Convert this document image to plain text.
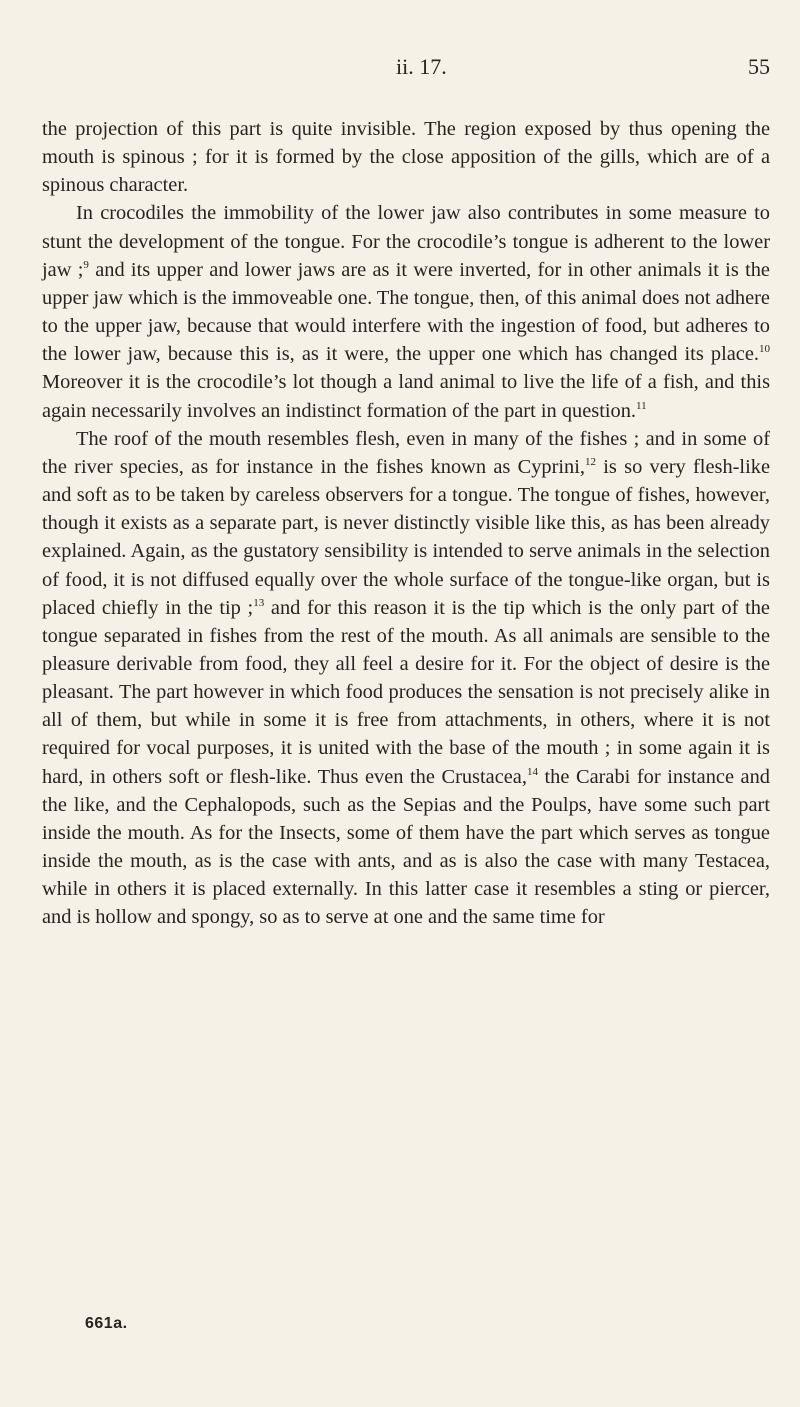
ii. 17.	55

the projection of this part is quite invisible. The region exposed by thus opening the mouth is spinous ; for it is formed by the close apposition of the gills, which are of a spinous character.

In crocodiles the immobility of the lower jaw also contributes in some measure to stunt the development of the tongue. For the crocodile’s tongue is adherent to the lower jaw ;$^9$ and its upper and lower jaws are as it were inverted, for in other animals it is the upper jaw which is the immoveable one. The tongue, then, of this animal does not adhere to the upper jaw, because that would interfere with the ingestion of food, but adheres to the lower jaw, because this is, as it were, the upper one which has changed its place.$^{10}$ Moreover it is the crocodile’s lot though a land animal to live the life of a fish, and this again necessarily involves an indistinct formation of the part in question.$^{11}$

The roof of the mouth resembles flesh, even in many of the fishes ; and in some of the river species, as for instance in the fishes known as Cyprini,$^{12}$ is so very flesh-like and soft as to be taken by careless observers for a tongue. The tongue of fishes, however, though it exists as a separate part, is never distinctly visible like this, as has been already explained. Again, as the gustatory sensibility is intended to serve animals in the selection of food, it is not diffused equally over the whole surface of the tongue-like organ, but is placed chiefly in the tip ;$^{13}$ and for this reason it is the tip which is the only part of the tongue separated in fishes from the rest of the mouth. As all animals are sensible to the pleasure derivable from food, they all feel a desire for it. For the object of desire is the pleasant. The part however in which food produces the sensation is not precisely alike in all of them, but while in some it is free from attachments, in others, where it is not required for vocal purposes, it is united with the base of the mouth ; in some again it is hard, in others soft or flesh-like. Thus even the Crustacea,$^{14}$ the Carabi for instance and the like, and the Cephalopods, such as the Sepias and the Poulps, have some such part inside the mouth. As for the Insects, some of them have the part which serves as tongue inside the mouth, as is the case with ants, and as is also the case with many Testacea, while in others it is placed externally. In this latter case it resembles a sting or piercer, and is hollow and spongy, so as to serve at one and the same time for

661a.
